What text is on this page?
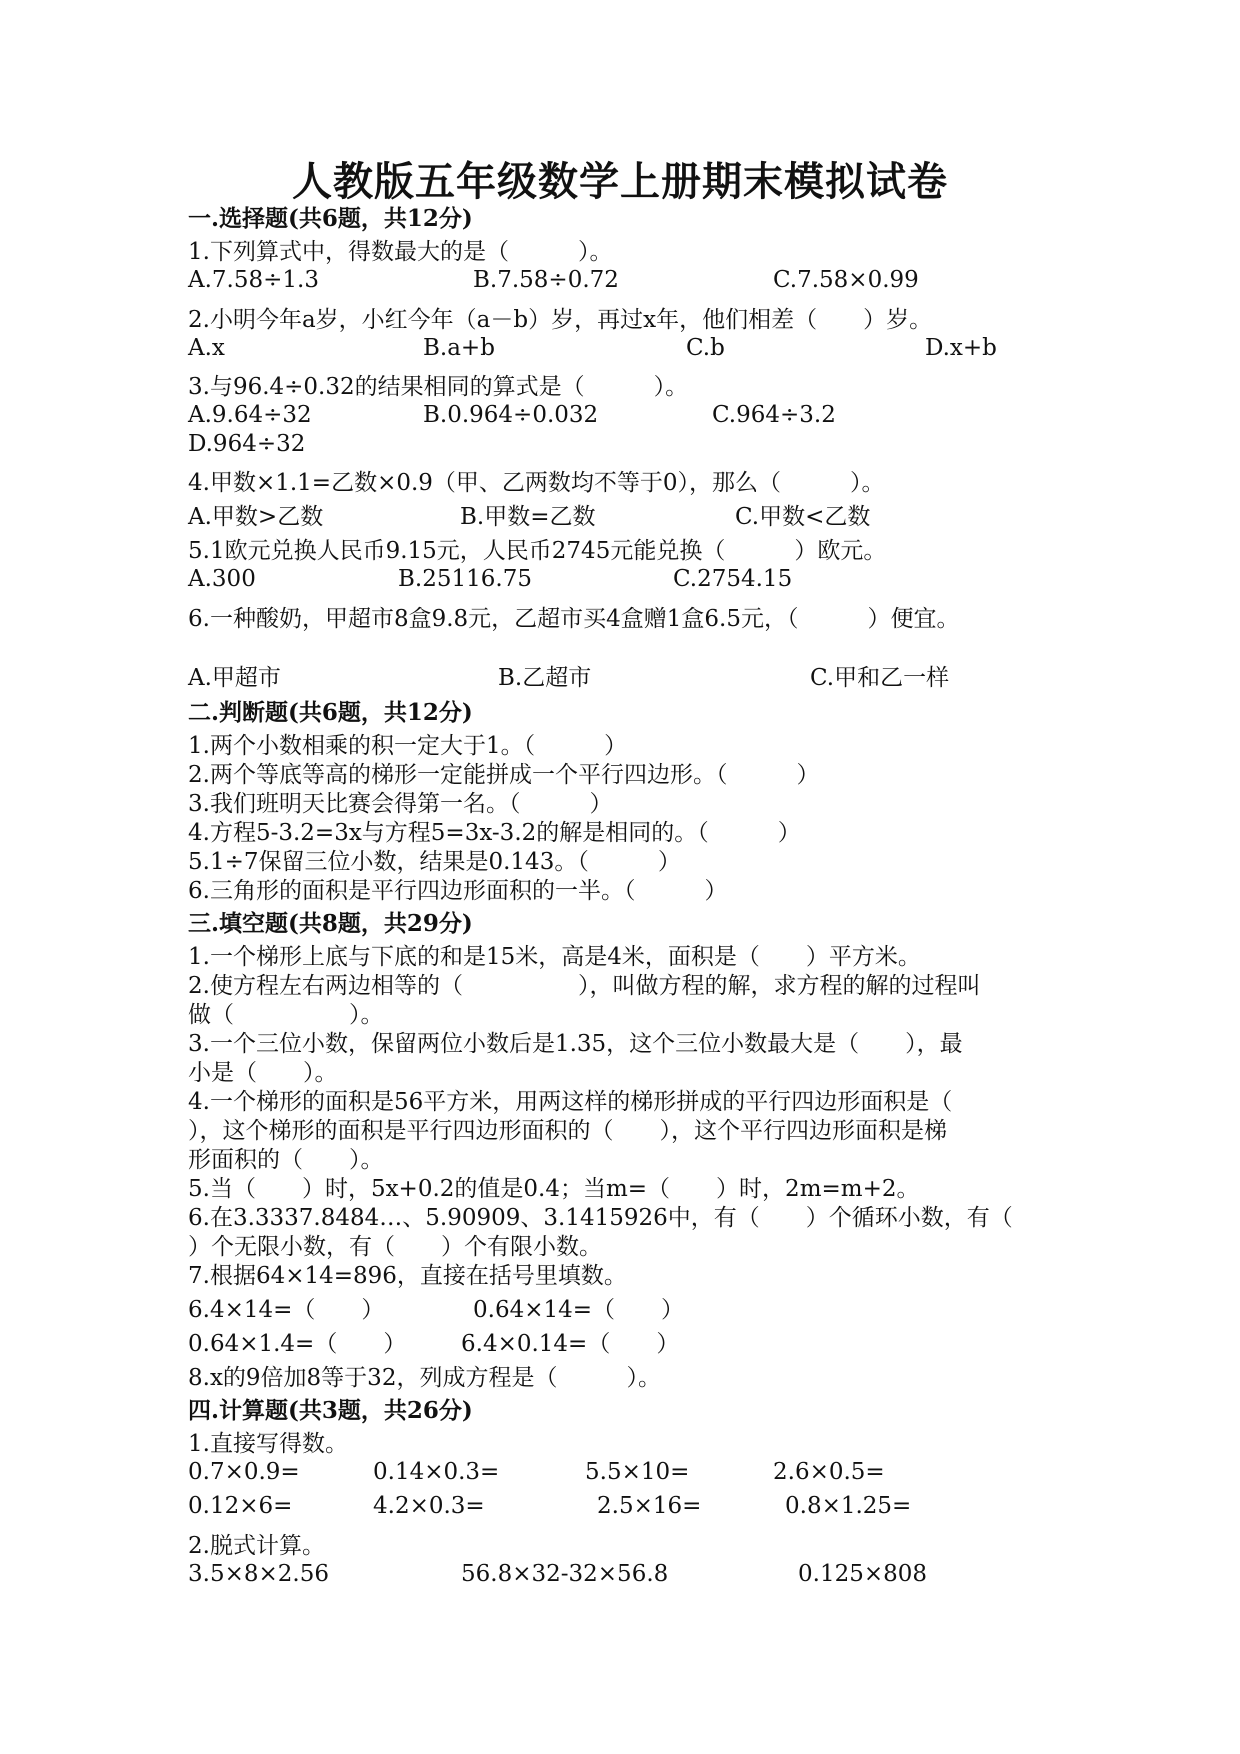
人教版五年级数学上册期末模拟试卷
一.选择题(共6题，共12分)
1.下列算式中，得数最大的是（　　　）。
A.7.58÷1.3	B.7.58÷0.72	C.7.58×0.99
2.小明今年a岁，小红今年（a－b）岁，再过x年，他们相差（　　）岁。
A.x	B.a+b	C.b	D.x+b
3.与96.4÷0.32的结果相同的算式是（　　　）。
A.9.64÷32	B.0.964÷0.032	C.964÷3.2
D.964÷32
4.甲数×1.1=乙数×0.9（甲、乙两数均不等于0），那么（　　　）。
A.甲数>乙数	B.甲数=乙数	C.甲数<乙数
5.1欧元兑换人民币9.15元，人民币2745元能兑换（　　　）欧元。
A.300	B.25116.75	C.2754.15
6.一种酸奶，甲超市8盒9.8元，乙超市买4盒赠1盒6.5元，（　　　）便宜。
A.甲超市	B.乙超市	C.甲和乙一样
二.判断题(共6题，共12分)
1.两个小数相乘的积一定大于1。（　　　）
2.两个等底等高的梯形一定能拼成一个平行四边形。（　　　）
3.我们班明天比赛会得第一名。（　　　）
4.方程5-3.2=3x与方程5=3x-3.2的解是相同的。（　　　）
5.1÷7保留三位小数，结果是0.143。（　　　）
6.三角形的面积是平行四边形面积的一半。（　　　）
三.填空题(共8题，共29分)
1.一个梯形上底与下底的和是15米，高是4米，面积是（　　）平方米。
2.使方程左右两边相等的（　　　　　），叫做方程的解，求方程的解的过程叫
做（　　　　　）。
3.一个三位小数，保留两位小数后是1.35，这个三位小数最大是（　　），最
小是（　　）。
4.一个梯形的面积是56平方米，用两这样的梯形拼成的平行四边形面积是（
），这个梯形的面积是平行四边形面积的（　　），这个平行四边形面积是梯
形面积的（　　）。
5.当（　　）时，5x+0.2的值是0.4；当m=（　　）时，2m=m+2。
6.在3.3337.8484…、5.90909、3.1415926中，有（　　）个循环小数，有（
）个无限小数，有（　　）个有限小数。
7.根据64×14=896，直接在括号里填数。
6.4×14=（　　）	0.64×14=（　　）
0.64×1.4=（　　） 6.4×0.14=（　　）
8.x的9倍加8等于32，列成方程是（　　　）。
四.计算题(共3题，共26分)
1.直接写得数。
0.7×0.9=	0.14×0.3=	5.5×10=	2.6×0.5=
0.12×6=	4.2×0.3=	2.5×16=	0.8×1.25=
2.脱式计算。
3.5×8×2.56	56.8×32-32×56.8	0.125×808
